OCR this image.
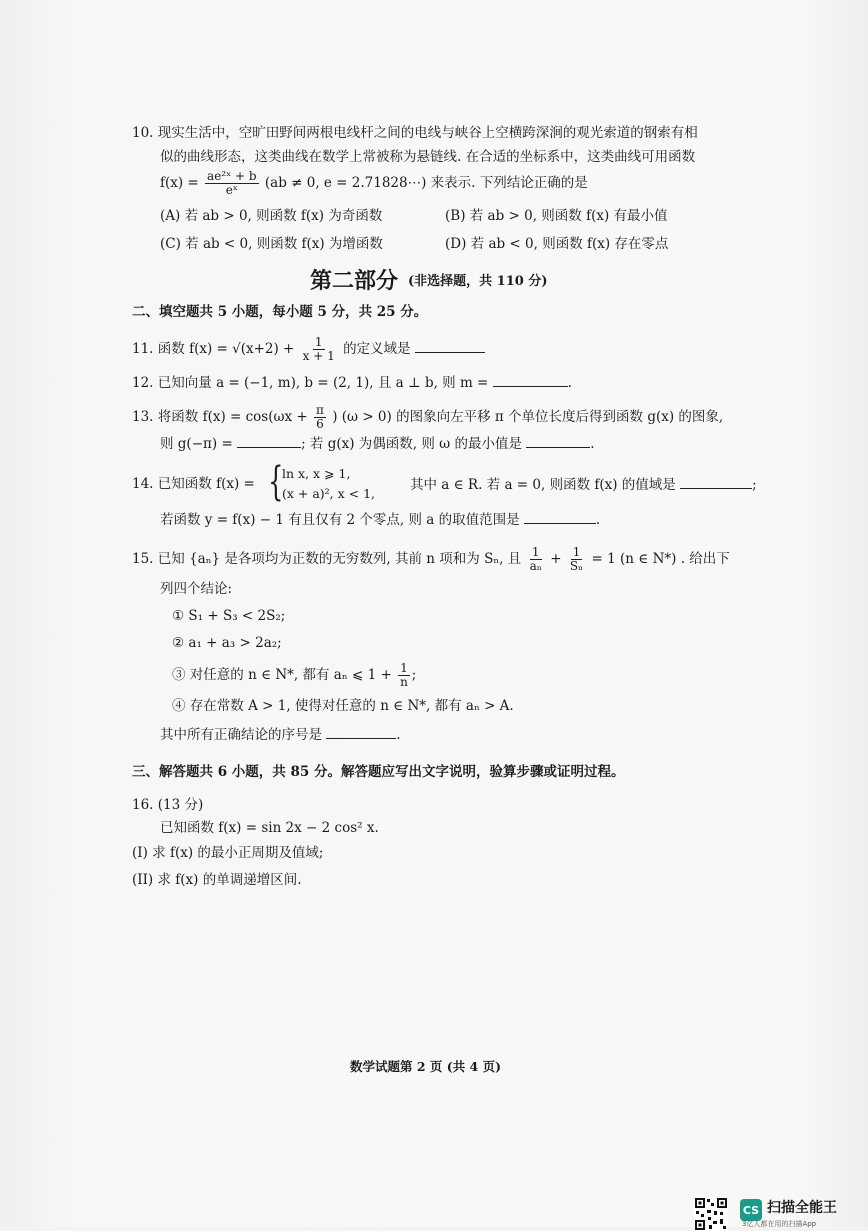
10. 现实生活中，空旷田野间两根电线杆之间的电线与峡谷上空横跨深涧的观光索道的钢索有相
似的曲线形态，这类曲线在数学上常被称为悬链线. 在合适的坐标系中，这类曲线可用函数
$f(x) = \frac{\text{ae²ˣ + b}}{\text{eˣ}} (ab \ne 0$, e = 2.71828⋯) 来表示. 下列结论正确的是
(A) 若 ab > 0, 则函数 f(x) 为奇函数	(B) 若 ab > 0, 则函数 f(x) 有最小值
(C) 若 ab < 0, 则函数 f(x) 为增函数	(D) 若 ab < 0, 则函数 f(x) 存在零点
第二部分 (非选择题，共 110 分)
二、填空题共 5 小题，每小题 5 分，共 25 分。
11. 函数 $f(x) = √(x+2) + \frac{1}{x + 1}$ 的定义域是
12. 已知向量 a = (−1, m), b = (2, 1), 且 a ⊥ b, 则 m =	.
13. 将函数 $f(x) = \cos(\omega x + \frac{\pi}{6}$ ) (ω > 0) 的图象向左平移 π 个单位长度后得到函数 g(x) 的图象,
则 g(−π) =	; 若 g(x) 为偶函数, 则 ω 的最小值是	.
14. 已知函数 f(x) = {
ln x, x ⩾ 1,
(x + a)², x < 1,
其中 a ∈ R. 若 a = 0, 则函数 f(x) 的值域是	;
若函数 y = f(x) − 1 有且仅有 2 个零点, 则 a 的取值范围是	.
15. 已知 {aₙ} 是各项均为正数的无穷数列, 其前 n 项和为 Sₙ, 且 $\frac{1}{\text{aₙ}} + \frac{1}{\text{Sₙ}} = 1$ (n ∈ N*) . 给出下
列四个结论:
① S₁ + S₃ < 2S₂;
② a₁ + a₃ > 2a₂;
③ 对任意的 n ∈ N*, 都有 aₙ ⩽ $1 + \frac{1}{n}$ ;
④ 存在常数 A > 1, 使得对任意的 n ∈ N*, 都有 aₙ > A.
其中所有正确结论的序号是	.
三、解答题共 6 小题，共 85 分。解答题应写出文字说明，验算步骤或证明过程。
16. (13 分)
已知函数 f(x) = sin 2x − 2 cos² x.
(I) 求 f(x) 的最小正周期及值域;
(II) 求 f(x) 的单调递增区间.
数学试题第 2 页 (共 4 页)
CS 扫描全能王
3亿人都在用的扫描App
